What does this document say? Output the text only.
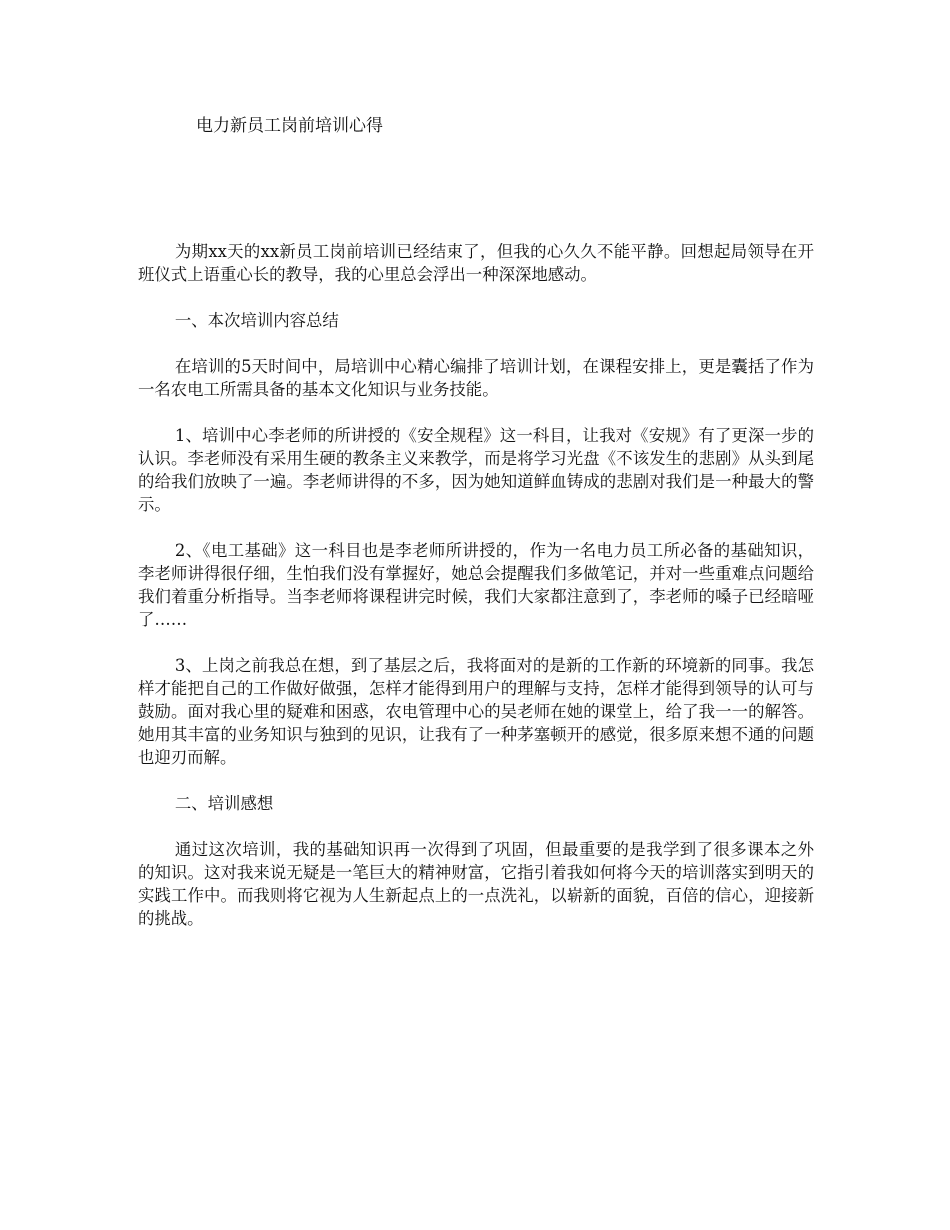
电力新员工岗前培训心得

为期xx天的xx新员工岗前培训已经结束了，但我的心久久不能平静。回想起局领导在开班仪式上语重心长的教导，我的心里总会浮出一种深深地感动。

一、本次培训内容总结

在培训的5天时间中，局培训中心精心编排了培训计划，在课程安排上，更是囊括了作为一名农电工所需具备的基本文化知识与业务技能。

1、培训中心李老师的所讲授的《安全规程》这一科目，让我对《安规》有了更深一步的认识。李老师没有采用生硬的教条主义来教学，而是将学习光盘《不该发生的悲剧》从头到尾的给我们放映了一遍。李老师讲得的不多，因为她知道鲜血铸成的悲剧对我们是一种最大的警示。

2、《电工基础》这一科目也是李老师所讲授的，作为一名电力员工所必备的基础知识，李老师讲得很仔细，生怕我们没有掌握好，她总会提醒我们多做笔记，并对一些重难点问题给我们着重分析指导。当李老师将课程讲完时候，我们大家都注意到了，李老师的嗓子已经暗哑了……

3、上岗之前我总在想，到了基层之后，我将面对的是新的工作新的环境新的同事。我怎样才能把自己的工作做好做强，怎样才能得到用户的理解与支持，怎样才能得到领导的认可与鼓励。面对我心里的疑难和困惑，农电管理中心的吴老师在她的课堂上，给了我一一的解答。她用其丰富的业务知识与独到的见识，让我有了一种茅塞顿开的感觉，很多原来想不通的问题也迎刃而解。

二、培训感想

通过这次培训，我的基础知识再一次得到了巩固，但最重要的是我学到了很多课本之外的知识。这对我来说无疑是一笔巨大的精神财富，它指引着我如何将今天的培训落实到明天的实践工作中。而我则将它视为人生新起点上的一点洗礼，以崭新的面貌，百倍的信心，迎接新的挑战。
